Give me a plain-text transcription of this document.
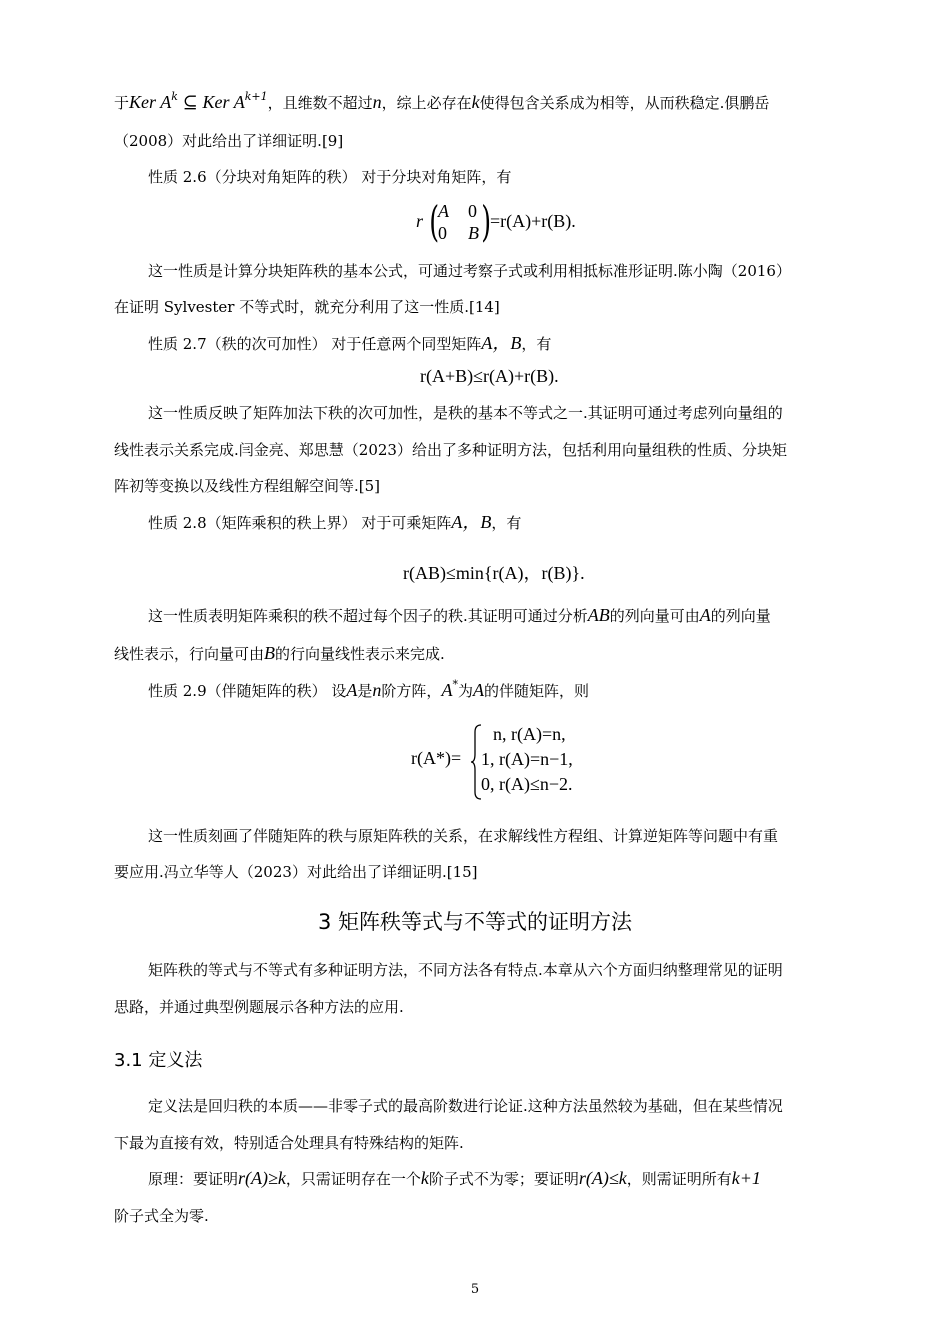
于Ker $A^k$ ⊆ Ker $A^{k+1}$，且维数不超过n，综上必存在k使得包含关系成为相等，从而秩稳定.俱鹏岳
（2008）对此给出了详细证明.[9]
性质 2.6（分块对角矩阵的秩） 对于分块对角矩阵，有
r (
A 0
0 B )
=r(A)+r(B).
这一性质是计算分块矩阵秩的基本公式，可通过考察子式或利用相抵标准形证明.陈小陶（2016）
在证明 Sylvester 不等式时，就充分利用了这一性质.[14]
性质 2.7（秩的次可加性） 对于任意两个同型矩阵A，B，有
r(A+B)≤r(A)+r(B).
这一性质反映了矩阵加法下秩的次可加性，是秩的基本不等式之一.其证明可通过考虑列向量组的
线性表示关系完成.闫金亮、郑思慧（2023）给出了多种证明方法，包括利用向量组秩的性质、分块矩
阵初等变换以及线性方程组解空间等.[5]
性质 2.8（矩阵乘积的秩上界） 对于可乘矩阵A，B，有
r(AB)≤min{r(A)，r(B)}.
这一性质表明矩阵乘积的秩不超过每个因子的秩.其证明可通过分析AB的列向量可由A的列向量
线性表示，行向量可由B的行向量线性表示来完成.
性质 2.9（伴随矩阵的秩） 设A是n阶方阵，A*为A的伴随矩阵，则
r(A*)=
n, r(A)=n,
1, r(A)=n−1,
0, r(A)≤n−2.
这一性质刻画了伴随矩阵的秩与原矩阵秩的关系，在求解线性方程组、计算逆矩阵等问题中有重
要应用.冯立华等人（2023）对此给出了详细证明.[15]
3 矩阵秩等式与不等式的证明方法
矩阵秩的等式与不等式有多种证明方法，不同方法各有特点.本章从六个方面归纳整理常见的证明
思路，并通过典型例题展示各种方法的应用.
3.1 定义法
定义法是回归秩的本质——非零子式的最高阶数进行论证.这种方法虽然较为基础，但在某些情况
下最为直接有效，特别适合处理具有特殊结构的矩阵.
原理：要证明r(A)≥k，只需证明存在一个k阶子式不为零；要证明r(A)≤k，则需证明所有k+1
阶子式全为零.
5
